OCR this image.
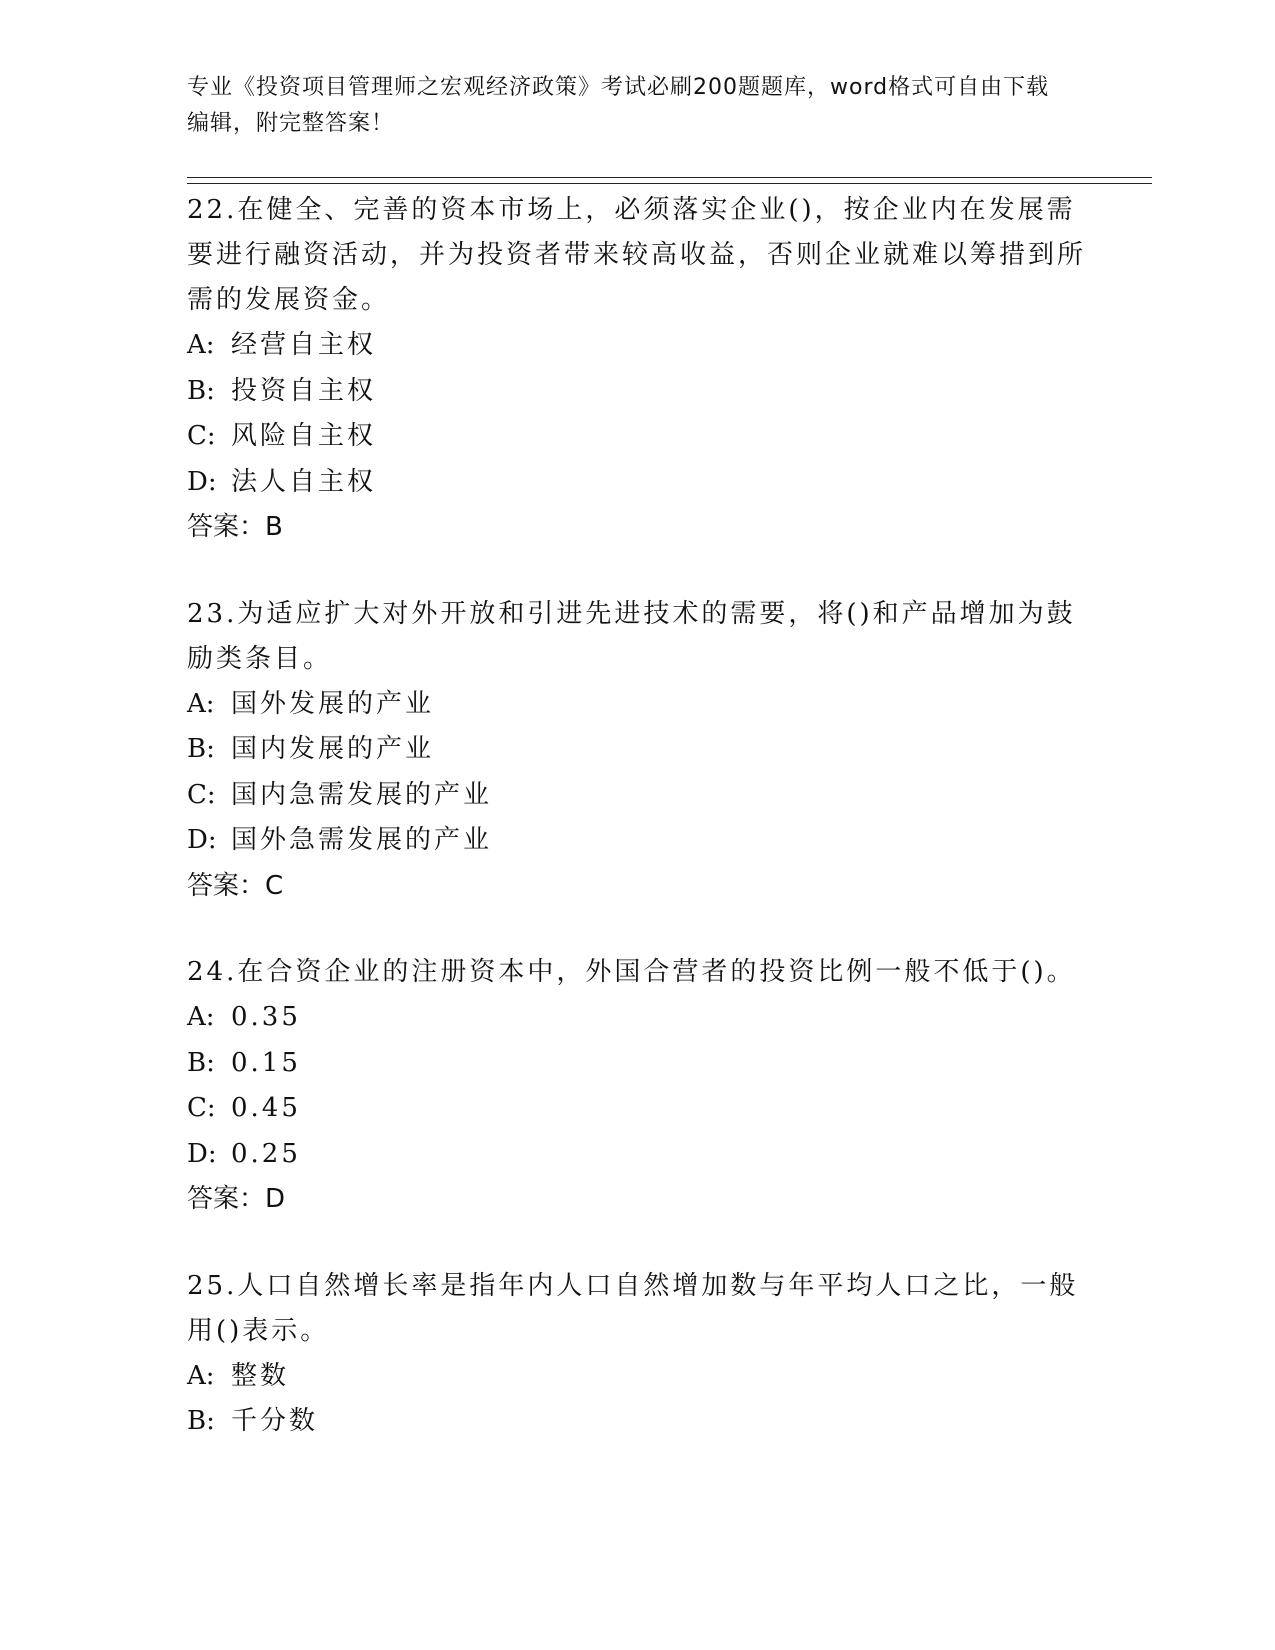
专业《投资项目管理师之宏观经济政策》考试必刷200题题库，word格式可自由下载编辑，附完整答案！

22.在健全、完善的资本市场上，必须落实企业()，按企业内在发展需要进行融资活动，并为投资者带来较高收益，否则企业就难以筹措到所需的发展资金。

A: 经营自主权

B: 投资自主权

C: 风险自主权

D: 法人自主权

答案：B

23.为适应扩大对外开放和引进先进技术的需要，将()和产品增加为鼓励类条目。

A: 国外发展的产业

B: 国内发展的产业

C: 国内急需发展的产业

D: 国外急需发展的产业

答案：C

24.在合资企业的注册资本中，外国合营者的投资比例一般不低于()。

A: 0.35

B: 0.15

C: 0.45

D: 0.25

答案：D

25.人口自然增长率是指年内人口自然增加数与年平均人口之比，一般用()表示。

A: 整数

B: 千分数
